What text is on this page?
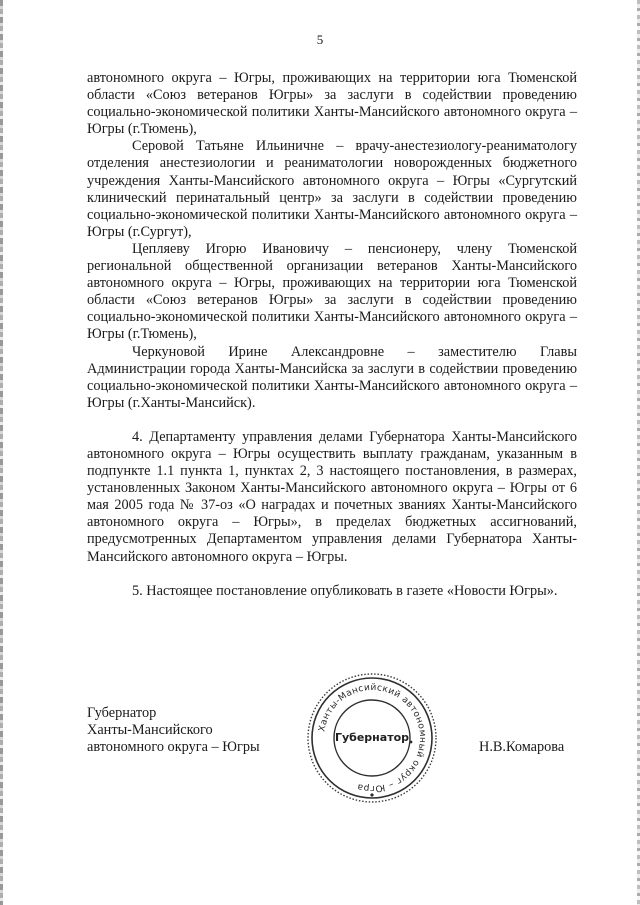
5

автономного округа – Югры, проживающих на территории юга Тюменской области «Союз ветеранов Югры» за заслуги в содействии проведению социально-экономической политики Ханты-Мансийского автономного округа – Югры (г.Тюмень),

Серовой Татьяне Ильиничне – врачу-анестезиологу-реаниматологу отделения анестезиологии и реаниматологии новорожденных бюджетного учреждения Ханты-Мансийского автономного округа – Югры «Сургутский клинический перинатальный центр» за заслуги в содействии проведению социально-экономической политики Ханты-Мансийского автономного округа – Югры (г.Сургут),

Цепляеву Игорю Ивановичу – пенсионеру, члену Тюменской региональной общественной организации ветеранов Ханты-Мансийского автономного округа – Югры, проживающих на территории юга Тюменской области «Союз ветеранов Югры» за заслуги в содействии проведению социально-экономической политики Ханты-Мансийского автономного округа – Югры (г.Тюмень),

Черкуновой Ирине Александровне – заместителю Главы Администрации города Ханты-Мансийска за заслуги в содействии проведению социально-экономической политики Ханты-Мансийского автономного округа – Югры (г.Ханты-Мансийск).

4. Департаменту управления делами Губернатора Ханты-Мансийского автономного округа – Югры осуществить выплату гражданам, указанным в подпункте 1.1 пункта 1, пунктах 2, 3 настоящего постановления, в размерах, установленных Законом Ханты-Мансийского автономного округа – Югры от 6 мая 2005 года № 37-оз «О наградах и почетных званиях Ханты-Мансийского автономного округа – Югры», в пределах бюджетных ассигнований, предусмотренных Департаментом управления делами Губернатора Ханты-Мансийского автономного округа – Югры.

5. Настоящее постановление опубликовать в газете «Новости Югры».

Губернатор
Ханты-Мансийского
автономного округа – Югры
Ханты-Мансийский автономный округ – Югра
Губернатор
Н.В.Комарова
